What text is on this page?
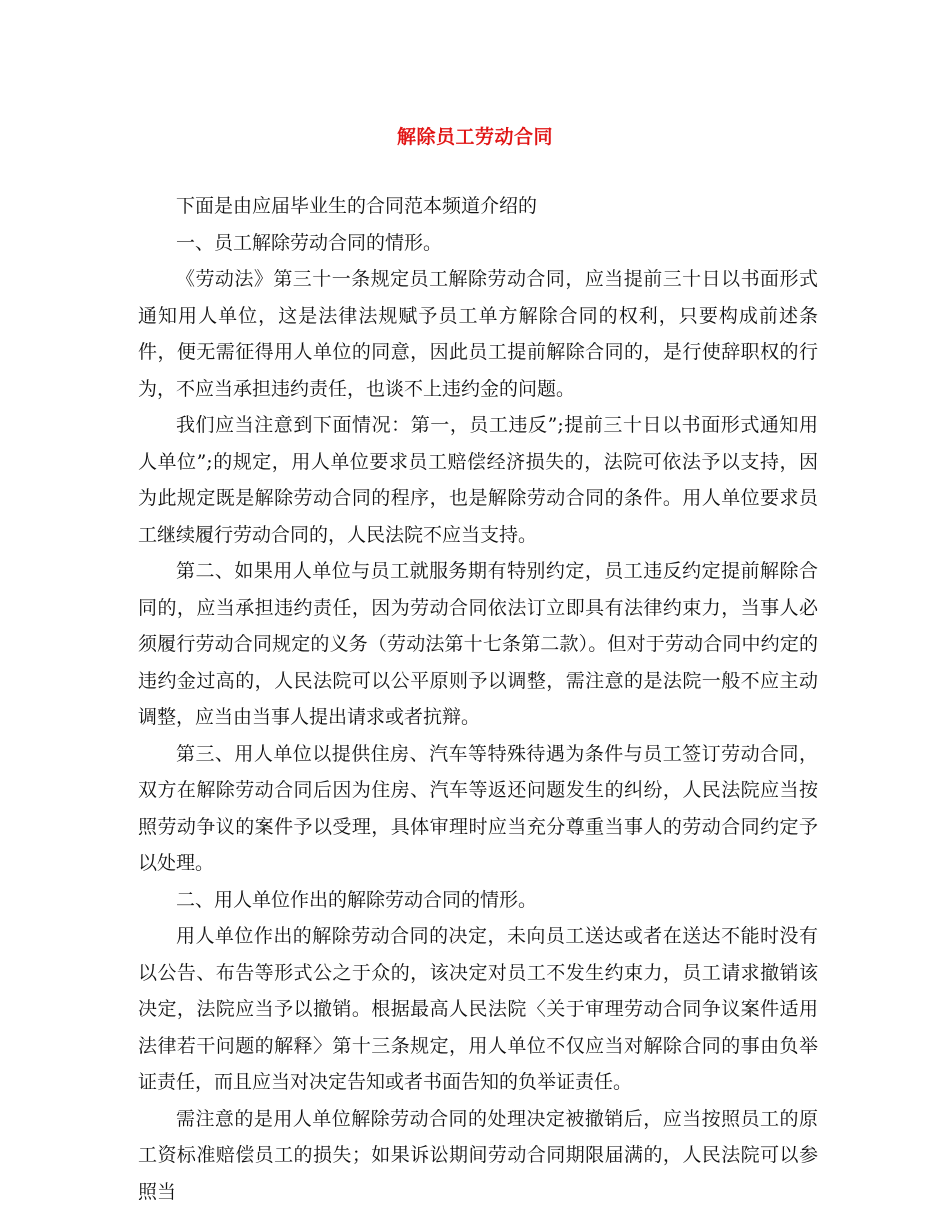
解除员工劳动合同

下面是由应届毕业生的合同范本频道介绍的

一、员工解除劳动合同的情形。

《劳动法》第三十一条规定员工解除劳动合同，应当提前三十日以书面形式通知用人单位，这是法律法规赋予员工单方解除合同的权利，只要构成前述条件，便无需征得用人单位的同意，因此员工提前解除合同的，是行使辞职权的行为，不应当承担违约责任，也谈不上违约金的问题。

我们应当注意到下面情况：第一，员工违反”;提前三十日以书面形式通知用人单位”;的规定，用人单位要求员工赔偿经济损失的，法院可依法予以支持，因为此规定既是解除劳动合同的程序，也是解除劳动合同的条件。用人单位要求员工继续履行劳动合同的，人民法院不应当支持。

第二、如果用人单位与员工就服务期有特别约定，员工违反约定提前解除合同的，应当承担违约责任，因为劳动合同依法订立即具有法律约束力，当事人必须履行劳动合同规定的义务（劳动法第十七条第二款）。但对于劳动合同中约定的违约金过高的，人民法院可以公平原则予以调整，需注意的是法院一般不应主动调整，应当由当事人提出请求或者抗辩。

第三、用人单位以提供住房、汽车等特殊待遇为条件与员工签订劳动合同，双方在解除劳动合同后因为住房、汽车等返还问题发生的纠纷，人民法院应当按照劳动争议的案件予以受理，具体审理时应当充分尊重当事人的劳动合同约定予以处理。

二、用人单位作出的解除劳动合同的情形。

用人单位作出的解除劳动合同的决定，未向员工送达或者在送达不能时没有以公告、布告等形式公之于众的，该决定对员工不发生约束力，员工请求撤销该决定，法院应当予以撤销。根据最高人民法院〈关于审理劳动合同争议案件适用法律若干问题的解释〉第十三条规定，用人单位不仅应当对解除合同的事由负举证责任，而且应当对决定告知或者书面告知的负举证责任。

需注意的是用人单位解除劳动合同的处理决定被撤销后，应当按照员工的原工资标准赔偿员工的损失；如果诉讼期间劳动合同期限届满的，人民法院可以参照当
